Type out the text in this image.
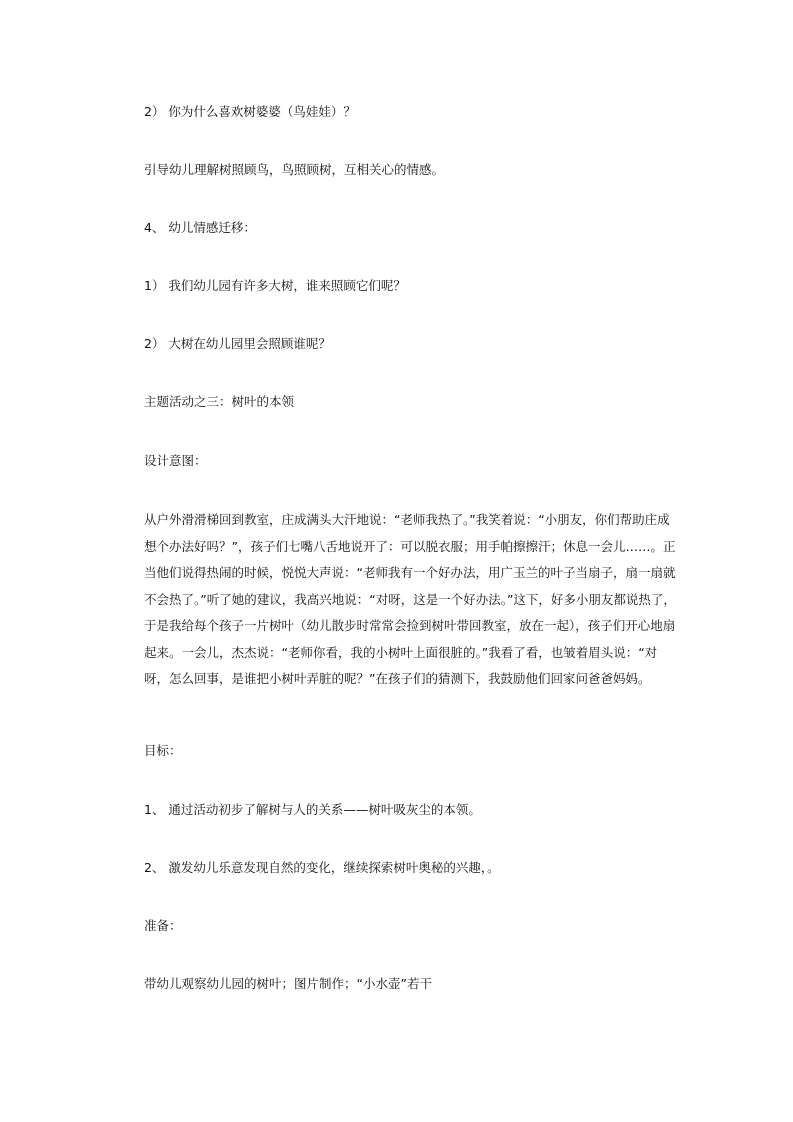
2） 你为什么喜欢树婆婆（鸟娃娃）？

引导幼儿理解树照顾鸟，鸟照顾树，互相关心的情感。

4、 幼儿情感迁移：

1） 我们幼儿园有许多大树，谁来照顾它们呢？

2） 大树在幼儿园里会照顾谁呢？

主题活动之三：树叶的本领

设计意图：

从户外滑滑梯回到教室，庄成满头大汗地说：“老师我热了。”我笑着说：“小朋友，你们帮助庄成想个办法好吗？”，孩子们七嘴八舌地说开了：可以脱衣服；用手帕擦擦汗；休息一会儿……。正当他们说得热闹的时候，悦悦大声说：“老师我有一个好办法，用广玉兰的叶子当扇子，扇一扇就不会热了。”听了她的建议，我高兴地说：“对呀，这是一个好办法。”这下，好多小朋友都说热了，于是我给每个孩子一片树叶（幼儿散步时常常会捡到树叶带回教室，放在一起），孩子们开心地扇起来。一会儿，杰杰说：“老师你看，我的小树叶上面很脏的。”我看了看，也皱着眉头说：“对呀，怎么回事，是谁把小树叶弄脏的呢？”在孩子们的猜测下，我鼓励他们回家问爸爸妈妈。

目标：

1、 通过活动初步了解树与人的关系——树叶吸灰尘的本领。

2、 激发幼儿乐意发现自然的变化，继续探索树叶奥秘的兴趣，。

准备：

带幼儿观察幼儿园的树叶；图片制作；“小水壶”若干
